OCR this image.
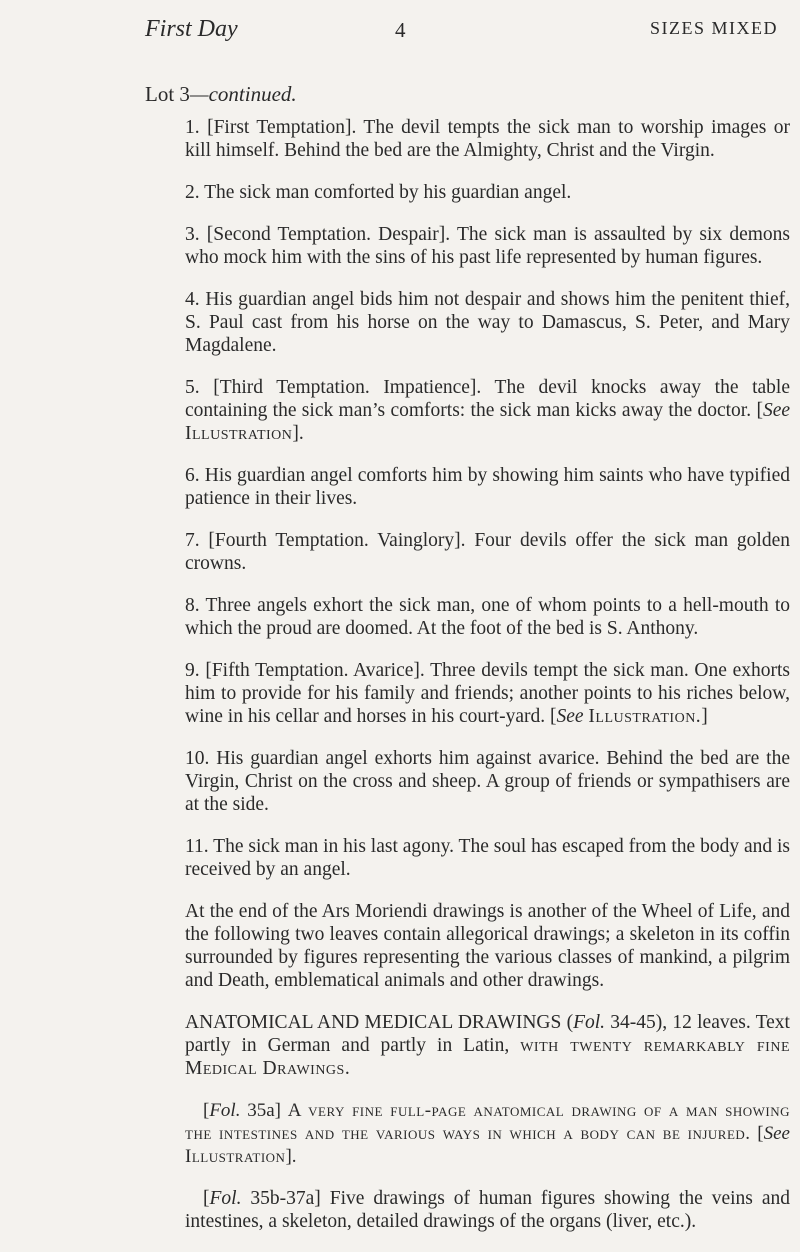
First Day	4	SIZES MIXED
Lot 3—continued.

1. [First Temptation]. The devil tempts the sick man to worship images or kill himself. Behind the bed are the Almighty, Christ and the Virgin.

2. The sick man comforted by his guardian angel.

3. [Second Temptation. Despair]. The sick man is assaulted by six demons who mock him with the sins of his past life represented by human figures.

4. His guardian angel bids him not despair and shows him the penitent thief, S. Paul cast from his horse on the way to Damascus, S. Peter, and Mary Magdalene.

5. [Third Temptation. Impatience]. The devil knocks away the table containing the sick man’s comforts: the sick man kicks away the doctor. [See Illustration].

6. His guardian angel comforts him by showing him saints who have typified patience in their lives.

7. [Fourth Temptation. Vainglory]. Four devils offer the sick man golden crowns.

8. Three angels exhort the sick man, one of whom points to a hell-mouth to which the proud are doomed. At the foot of the bed is S. Anthony.

9. [Fifth Temptation. Avarice]. Three devils tempt the sick man. One exhorts him to provide for his family and friends; another points to his riches below, wine in his cellar and horses in his court-yard. [See Illustration.]

10. His guardian angel exhorts him against avarice. Behind the bed are the Virgin, Christ on the cross and sheep. A group of friends or sympathisers are at the side.

11. The sick man in his last agony. The soul has escaped from the body and is received by an angel.

At the end of the Ars Moriendi drawings is another of the Wheel of Life, and the following two leaves contain allegorical drawings; a skeleton in its coffin surrounded by figures representing the various classes of mankind, a pilgrim and Death, emblematical animals and other drawings.

ANATOMICAL AND MEDICAL DRAWINGS (Fol. 34-45), 12 leaves. Text partly in German and partly in Latin, with twenty remarkably fine Medical Drawings.

[Fol. 35a] A very fine full-page anatomical drawing of a man showing the intestines and the various ways in which a body can be injured. [See Illustration].

[Fol. 35b-37a] Five drawings of human figures showing the veins and intestines, a skeleton, detailed drawings of the organs (liver, etc.).
